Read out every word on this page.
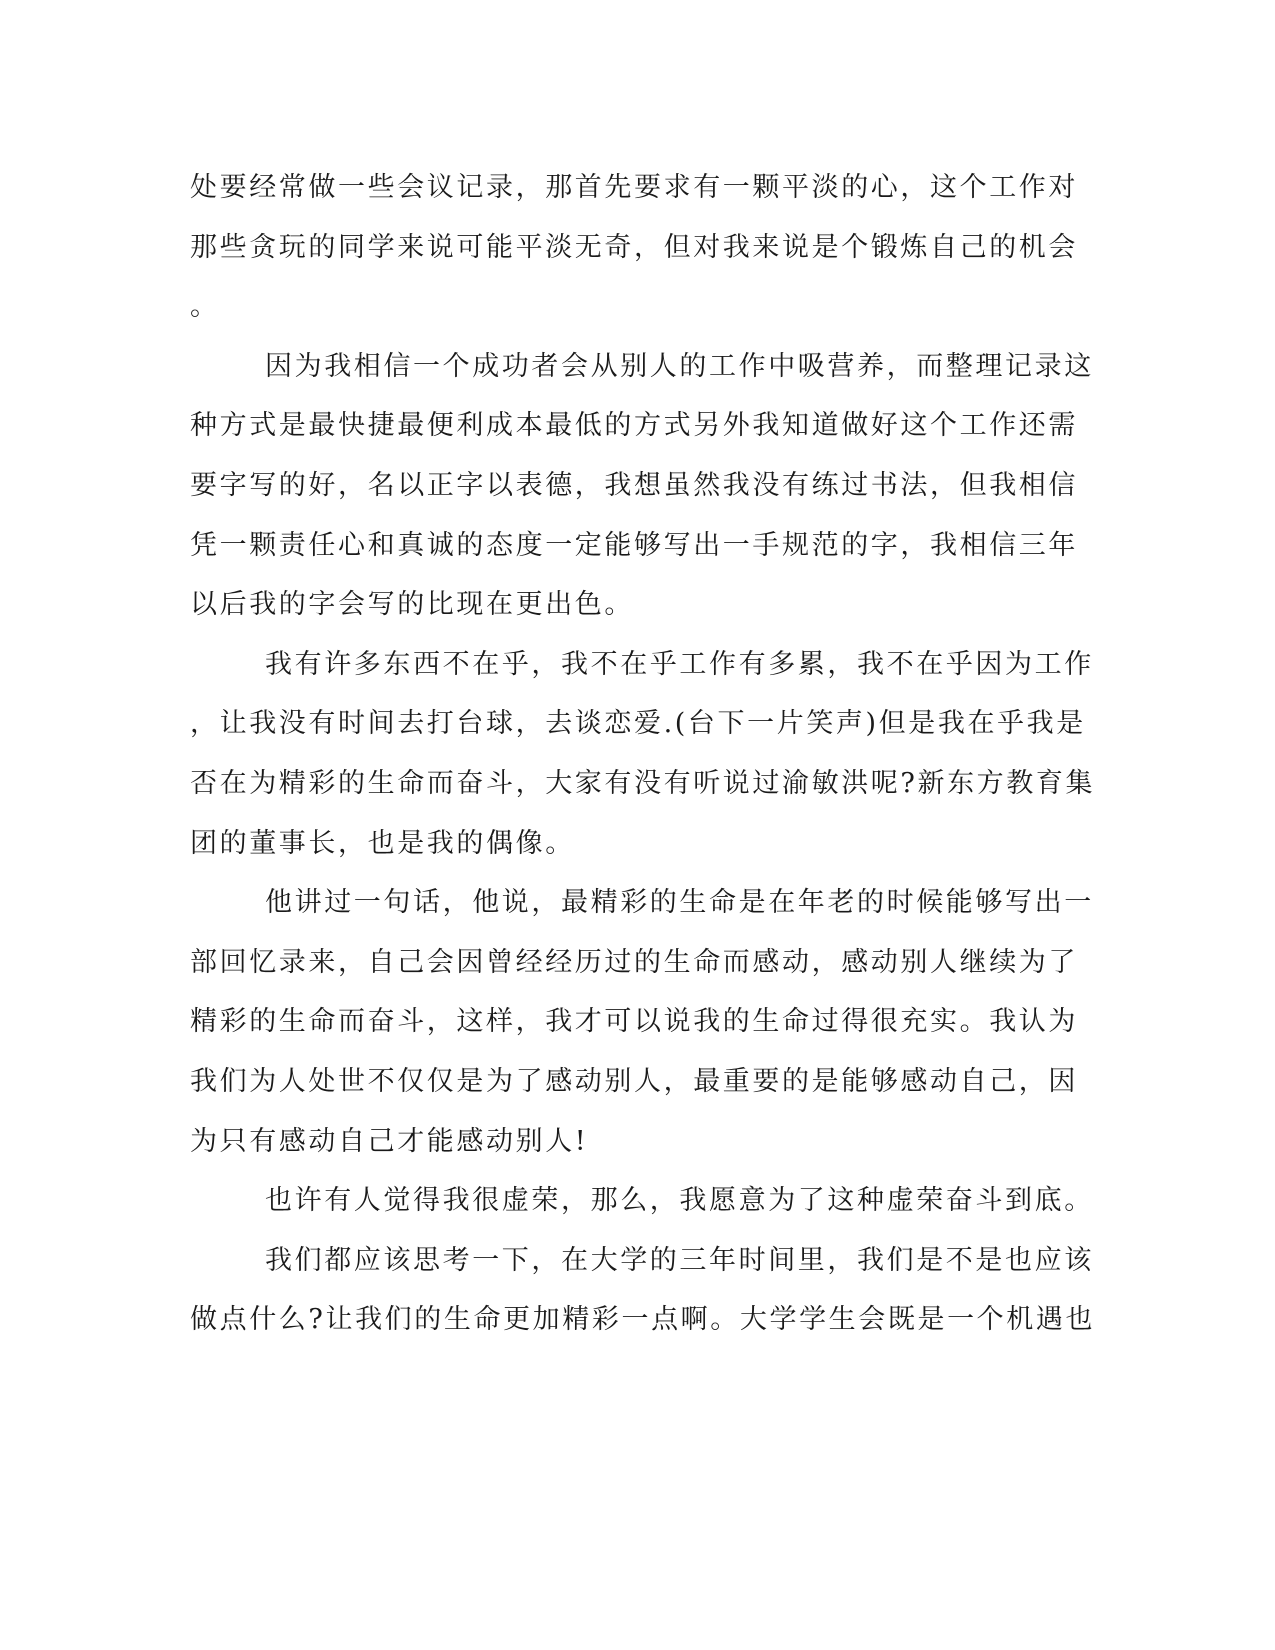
处要经常做一些会议记录，那首先要求有一颗平淡的心，这个工作对
那些贪玩的同学来说可能平淡无奇，但对我来说是个锻炼自己的机会
。
因为我相信一个成功者会从别人的工作中吸营养，而整理记录这
种方式是最快捷最便利成本最低的方式另外我知道做好这个工作还需
要字写的好，名以正字以表德，我想虽然我没有练过书法，但我相信
凭一颗责任心和真诚的态度一定能够写出一手规范的字，我相信三年
以后我的字会写的比现在更出色。
我有许多东西不在乎，我不在乎工作有多累，我不在乎因为工作
，让我没有时间去打台球，去谈恋爱.(台下一片笑声)但是我在乎我是
否在为精彩的生命而奋斗，大家有没有听说过渝敏洪呢?新东方教育集
团的董事长，也是我的偶像。
他讲过一句话，他说，最精彩的生命是在年老的时候能够写出一
部回忆录来，自己会因曾经经历过的生命而感动，感动别人继续为了
精彩的生命而奋斗，这样，我才可以说我的生命过得很充实。我认为
我们为人处世不仅仅是为了感动别人，最重要的是能够感动自己，因
为只有感动自己才能感动别人!
也许有人觉得我很虚荣，那么，我愿意为了这种虚荣奋斗到底。
我们都应该思考一下，在大学的三年时间里，我们是不是也应该
做点什么?让我们的生命更加精彩一点啊。大学学生会既是一个机遇也
